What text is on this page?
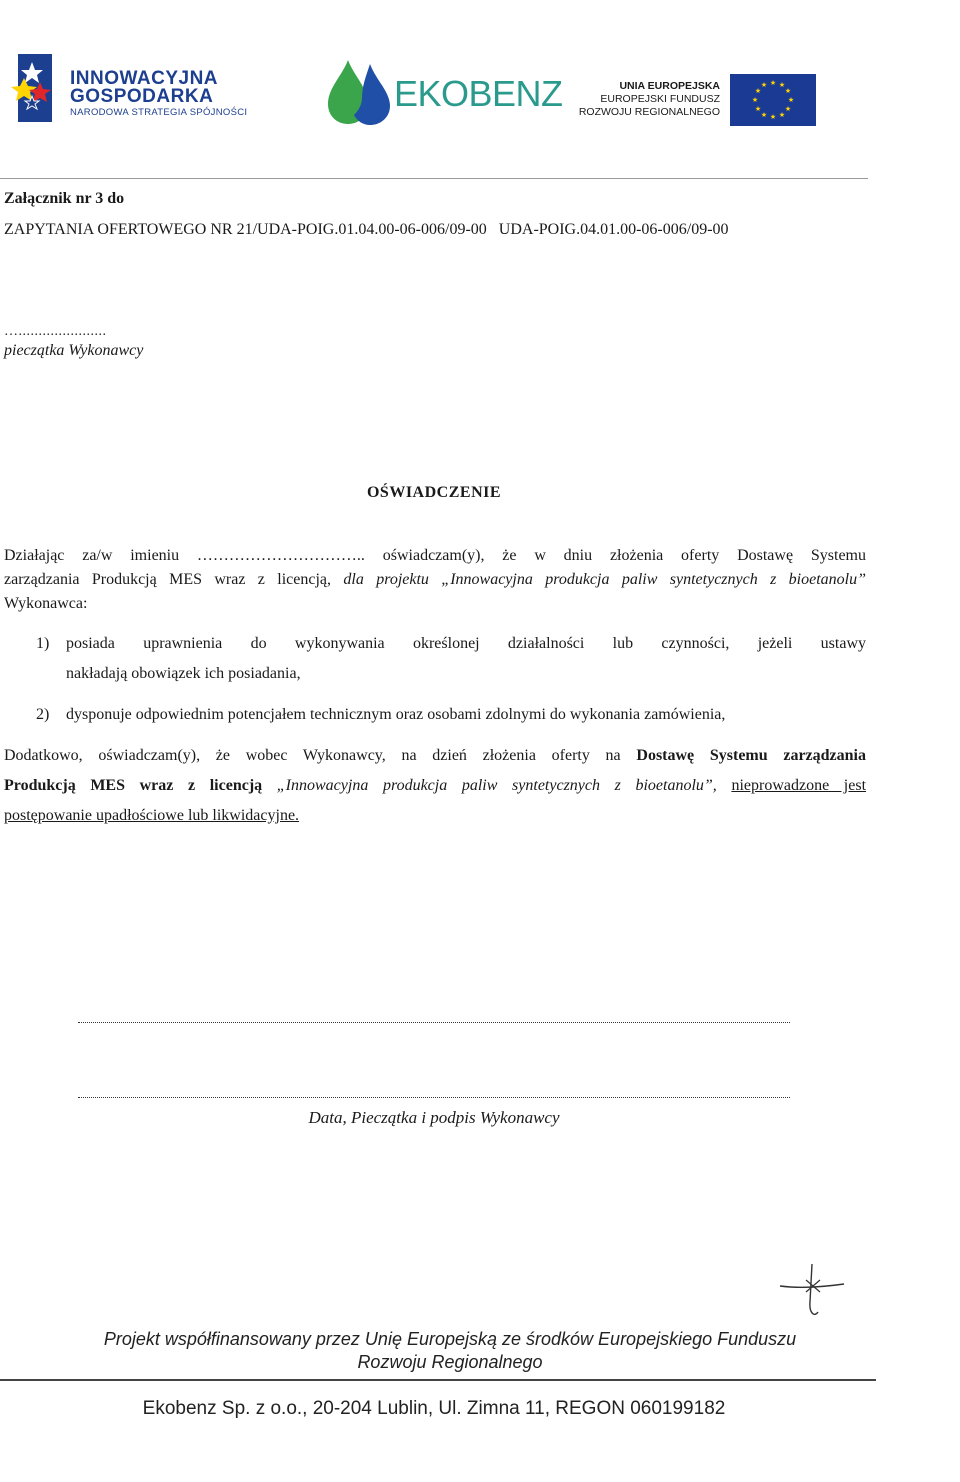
INNOWACYJNA
GOSPODARKA
NARODOWA STRATEGIA SPÓJNOŚCI	EKOBENZ	UNIA EUROPEJSKA
EUROPEJSKI FUNDUSZ
ROZWOJU REGIONALNEGO
★ ★
★
★
★
★
★
★
★
★
★
★
Załącznik nr 3 do
ZAPYTANIA OFERTOWEGO NR 21/UDA-POIG.01.04.00-06-006/09-00   UDA-POIG.04.01.00-06-006/09-00
…......................
pieczątka Wykonawcy
OŚWIADCZENIE
Działając za/w imieniu ………………………….. oświadczam(y), że w dniu złożenia oferty Dostawę Systemu
zarządzania Produkcją MES wraz z licencją, dla projektu „Innowacyjna produkcja paliw syntetycznych z bioetanolu”
Wykonawca:
1) posiada uprawnienia do wykonywania określonej działalności lub czynności, jeżeli ustawy
nakładają obowiązek ich posiadania,
2) dysponuje odpowiednim potencjałem technicznym oraz osobami zdolnymi do wykonania zamówienia,
Dodatkowo, oświadczam(y), że wobec Wykonawcy, na dzień złożenia oferty na Dostawę Systemu zarządzania
Produkcją MES wraz z licencją „Innowacyjna produkcja paliw syntetycznych z bioetanolu”, nieprowadzone jest
postępowanie upadłościowe lub likwidacyjne.
Data, Pieczątka i podpis Wykonawcy
Projekt współfinansowany przez Unię Europejską ze środków Europejskiego Funduszu
Rozwoju Regionalnego
Ekobenz Sp. z o.o., 20-204 Lublin, Ul. Zimna 11, REGON 060199182
